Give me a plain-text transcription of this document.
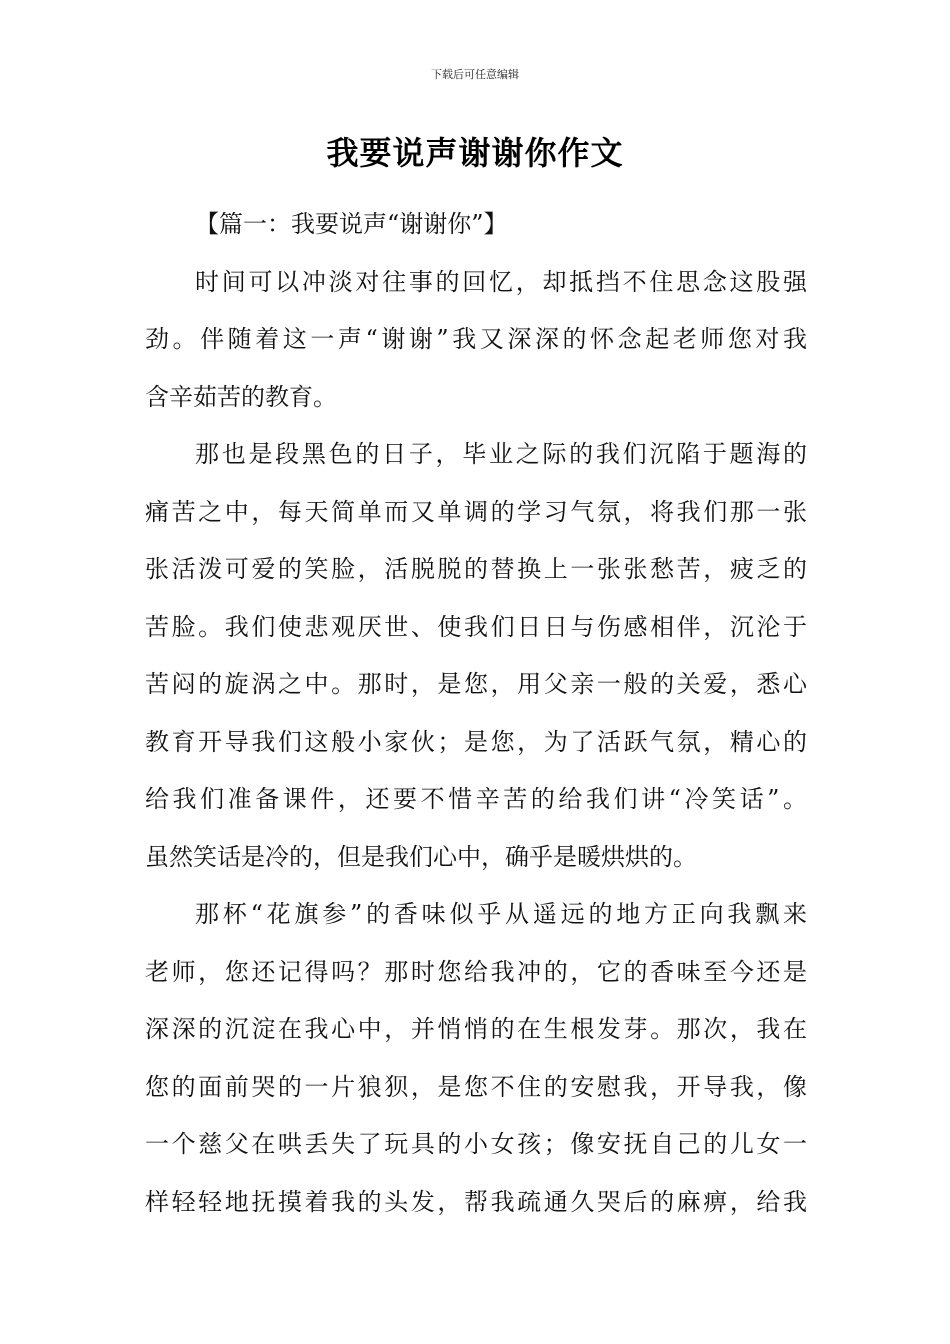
下载后可任意编辑
我要说声谢谢你作文

【篇一：我要说声“谢谢你”】

时间可以冲淡对往事的回忆，却抵挡不住思念这股强
劲。伴随着这一声“谢谢”我又深深的怀念起老师您对我
含辛茹苦的教育。
那也是段黑色的日子，毕业之际的我们沉陷于题海的
痛苦之中，每天简单而又单调的学习气氛，将我们那一张
张活泼可爱的笑脸，活脱脱的替换上一张张愁苦，疲乏的
苦脸。我们使悲观厌世、使我们日日与伤感相伴，沉沦于
苦闷的旋涡之中。那时，是您，用父亲一般的关爱，悉心
教育开导我们这般小家伙；是您，为了活跃气氛，精心的
给我们准备课件，还要不惜辛苦的给我们讲“冷笑话”。
虽然笑话是冷的，但是我们心中，确乎是暖烘烘的。
那杯“花旗参”的香味似乎从遥远的地方正向我飘来
老师，您还记得吗？那时您给我冲的，它的香味至今还是
深深的沉淀在我心中，并悄悄的在生根发芽。那次，我在
您的面前哭的一片狼狈，是您不住的安慰我，开导我，像
一个慈父在哄丢失了玩具的小女孩；像安抚自己的儿女一
样轻轻地抚摸着我的头发，帮我疏通久哭后的麻痹，给我
